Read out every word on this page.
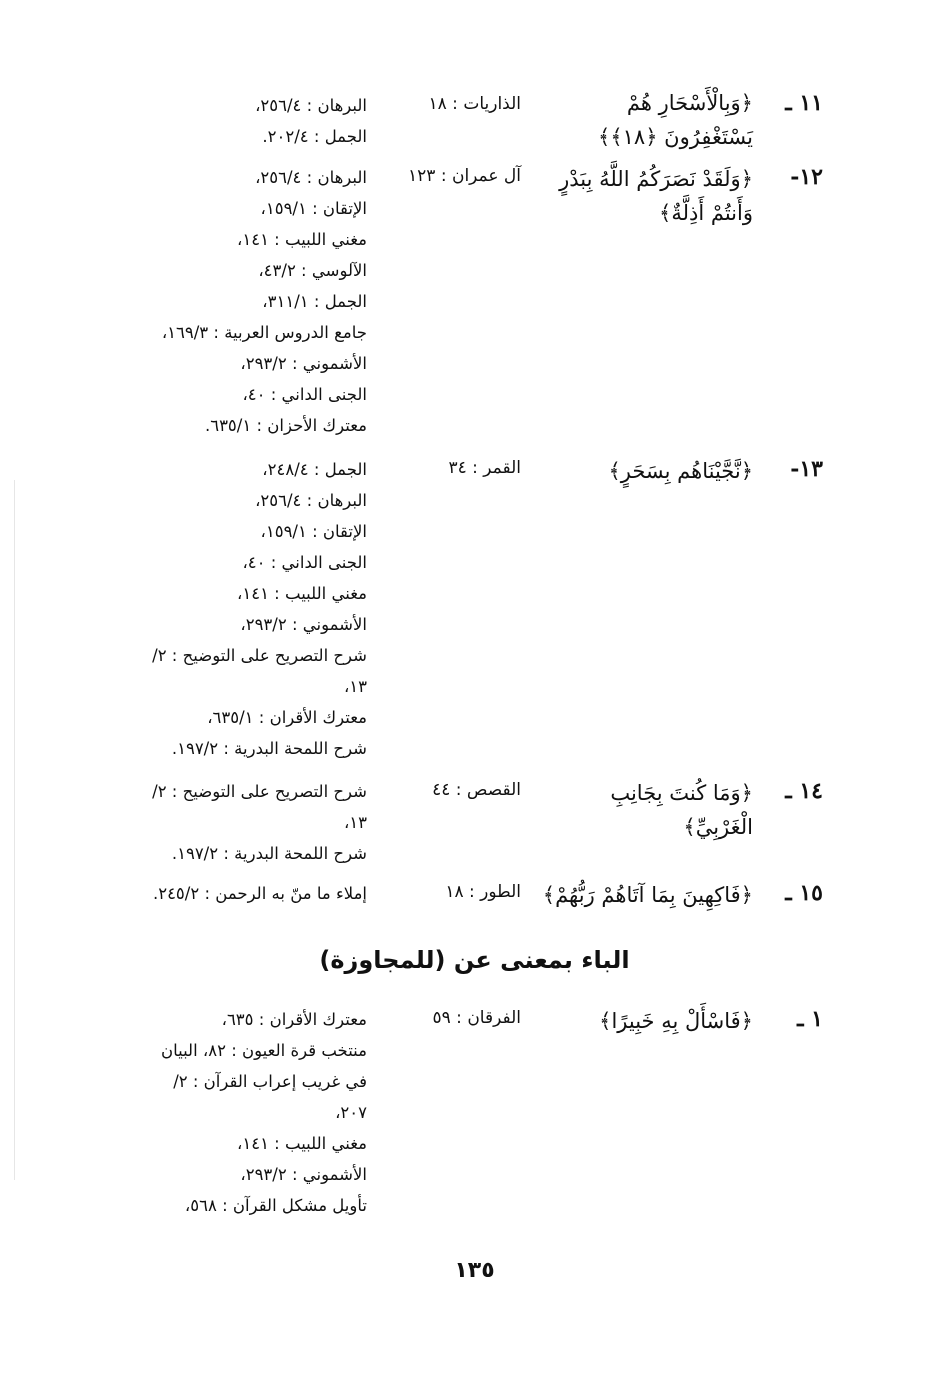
١١ ـ
﴿وَبِالْأَسْحَارِ هُمْ يَسْتَغْفِرُونَ ﴿١٨﴾﴾
الذاريات : ١٨
البرهان : ٢٥٦/٤،
الجمل : ٢٠٢/٤.
١٢-
﴿وَلَقَدْ نَصَرَكُمُ اللَّهُ بِبَدْرٍ وَأَنتُمْ أَذِلَّةٌ﴾
آل عمران : ١٢٣
البرهان : ٢٥٦/٤،
الإتقان : ١٥٩/١،
مغني اللبيب : ١٤١،
الآلوسي : ٤٣/٢،
الجمل : ٣١١/١،
جامع الدروس العربية : ١٦٩/٣،
الأشموني : ٢٩٣/٢،
الجنى الداني : ٤٠،
معترك الأحزان : ٦٣٥/١.
١٣-
﴿نَّجَّيْنَاهُم بِسَحَرٍ﴾
القمر : ٣٤
الجمل : ٢٤٨/٤،
البرهان : ٢٥٦/٤،
الإتقان : ١٥٩/١،
الجنى الداني : ٤٠،
مغني اللبيب : ١٤١،
الأشموني : ٢٩٣/٢،
شرح التصريح على التوضيح : ٢/
١٣،
معترك الأقران : ٦٣٥/١،
شرح اللمحة البدرية : ١٩٧/٢.
١٤ ـ
﴿وَمَا كُنتَ بِجَانِبِ الْغَرْبِيِّ﴾
القصص : ٤٤
شرح التصريح على التوضيح : ٢/
١٣،
شرح اللمحة البدرية : ١٩٧/٢.
١٥ ـ
﴿فَاكِهِينَ بِمَا آتَاهُمْ رَبُّهُمْ﴾
الطور : ١٨
إملاء ما منّ به الرحمن : ٢٤٥/٢.
الباء بمعنى عن (للمجاوزة)
١ ـ
﴿فَاسْأَلْ بِهِ خَبِيرًا﴾
الفرقان : ٥٩
معترك الأقران : ٦٣٥،
منتخب قرة العيون : ٨٢، البيان
في غريب إعراب القرآن : ٢/
٢٠٧،
مغني اللبيب : ١٤١،
الأشموني : ٢٩٣/٢،
تأويل مشكل القرآن : ٥٦٨،
١٣٥
